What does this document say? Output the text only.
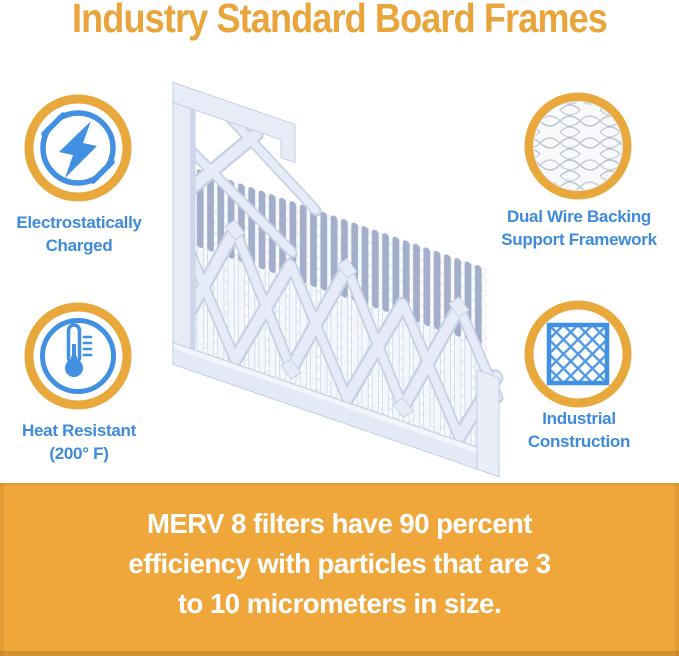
Industry Standard Board Frames
Electrostatically
Charged
Dual Wire Backing
Support Framework
Heat Resistant
(200° F)
Industrial
Construction
MERV 8 filters have 90 percent
efficiency with particles that are 3
to 10 micrometers in size.
